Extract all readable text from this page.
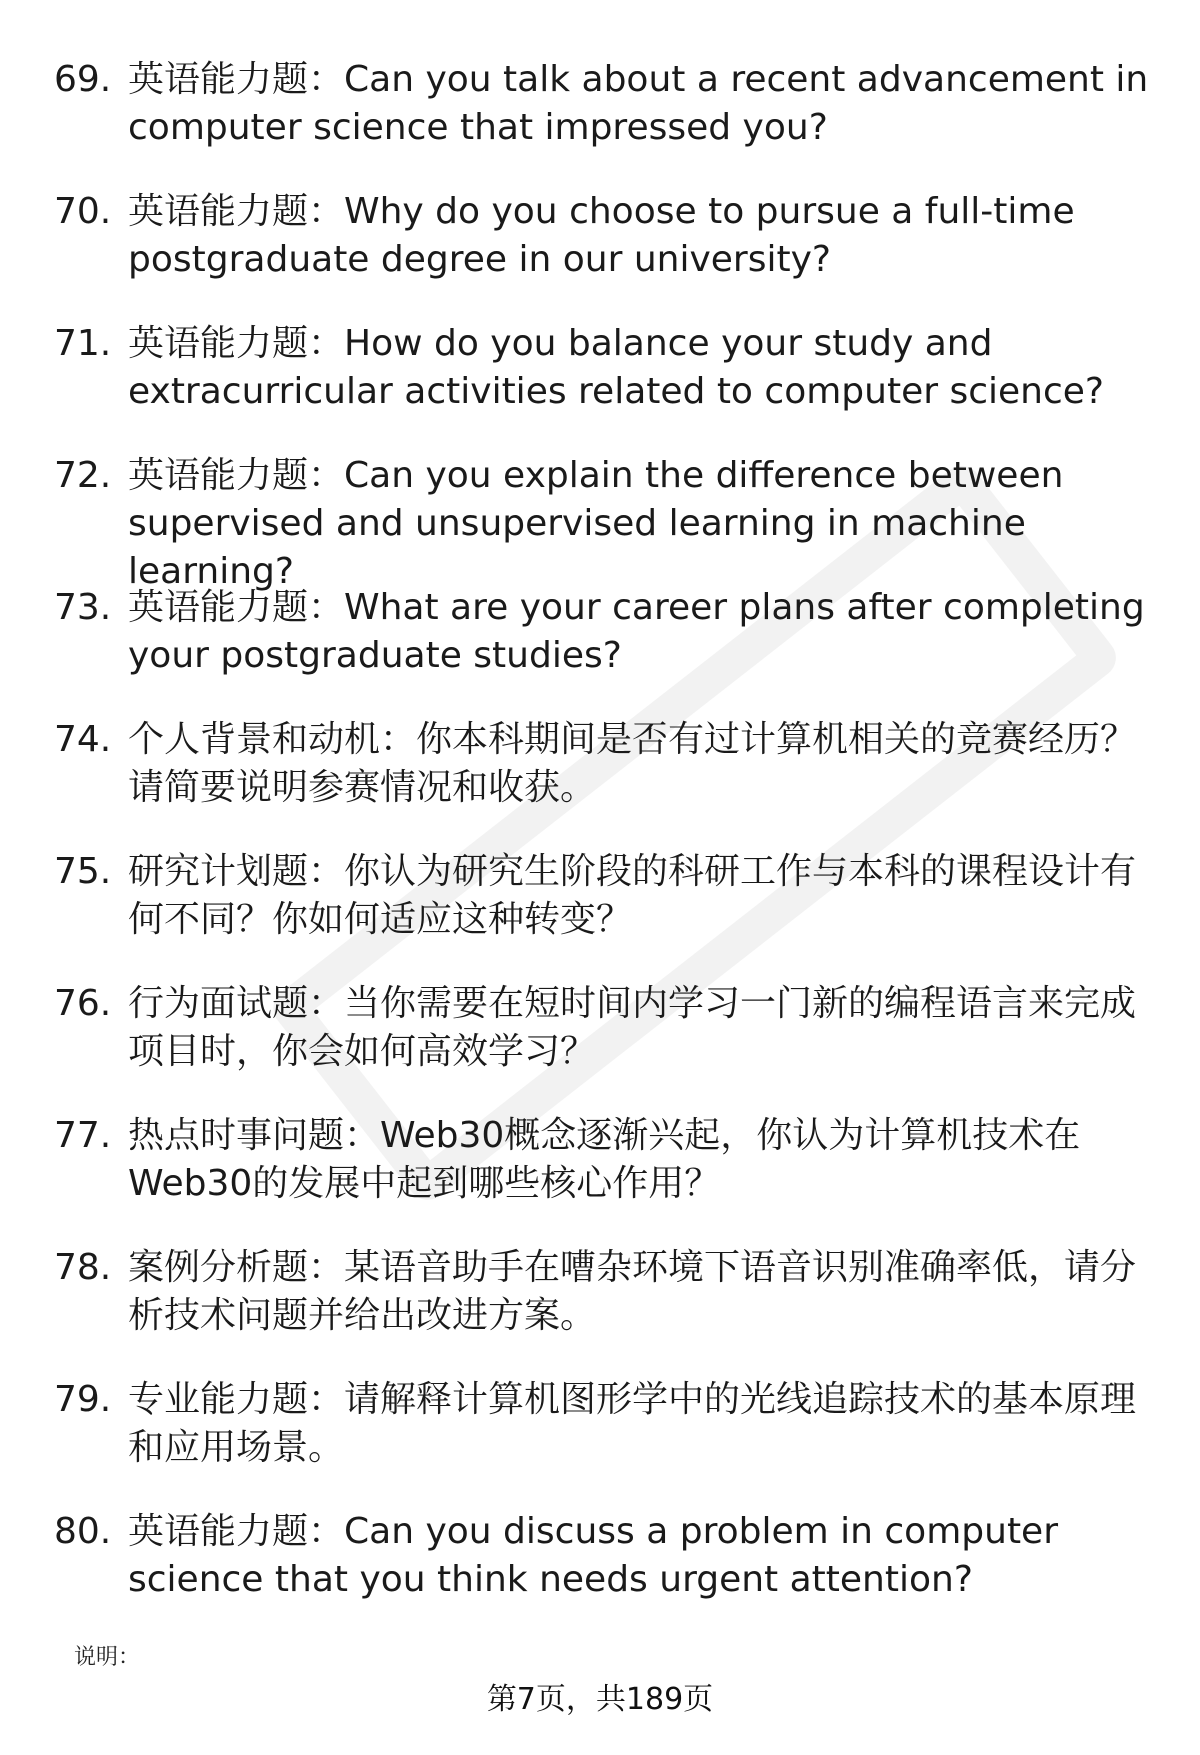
69. 英语能力题：Can you talk about a recent advancement in computer science that impressed you?
70. 英语能力题：Why do you choose to pursue a full-time postgraduate degree in our university?
71. 英语能力题：How do you balance your study and extracurricular activities related to computer science?
72. 英语能力题：Can you explain the difference between supervised and unsupervised learning in machine learning?
73. 英语能力题：What are your career plans after completing your postgraduate studies?
74. 个人背景和动机：你本科期间是否有过计算机相关的竞赛经历？请简要说明参赛情况和收获。
75. 研究计划题：你认为研究生阶段的科研工作与本科的课程设计有何不同？你如何适应这种转变？
76. 行为面试题：当你需要在短时间内学习一门新的编程语言来完成项目时，你会如何高效学习？
77. 热点时事问题：Web30概念逐渐兴起，你认为计算机技术在Web30的发展中起到哪些核心作用？
78. 案例分析题：某语音助手在嘈杂环境下语音识别准确率低，请分析技术问题并给出改进方案。
79. 专业能力题：请解释计算机图形学中的光线追踪技术的基本原理和应用场景。
80. 英语能力题：Can you discuss a problem in computer science that you think needs urgent attention?
说明：
第7页，共189页
